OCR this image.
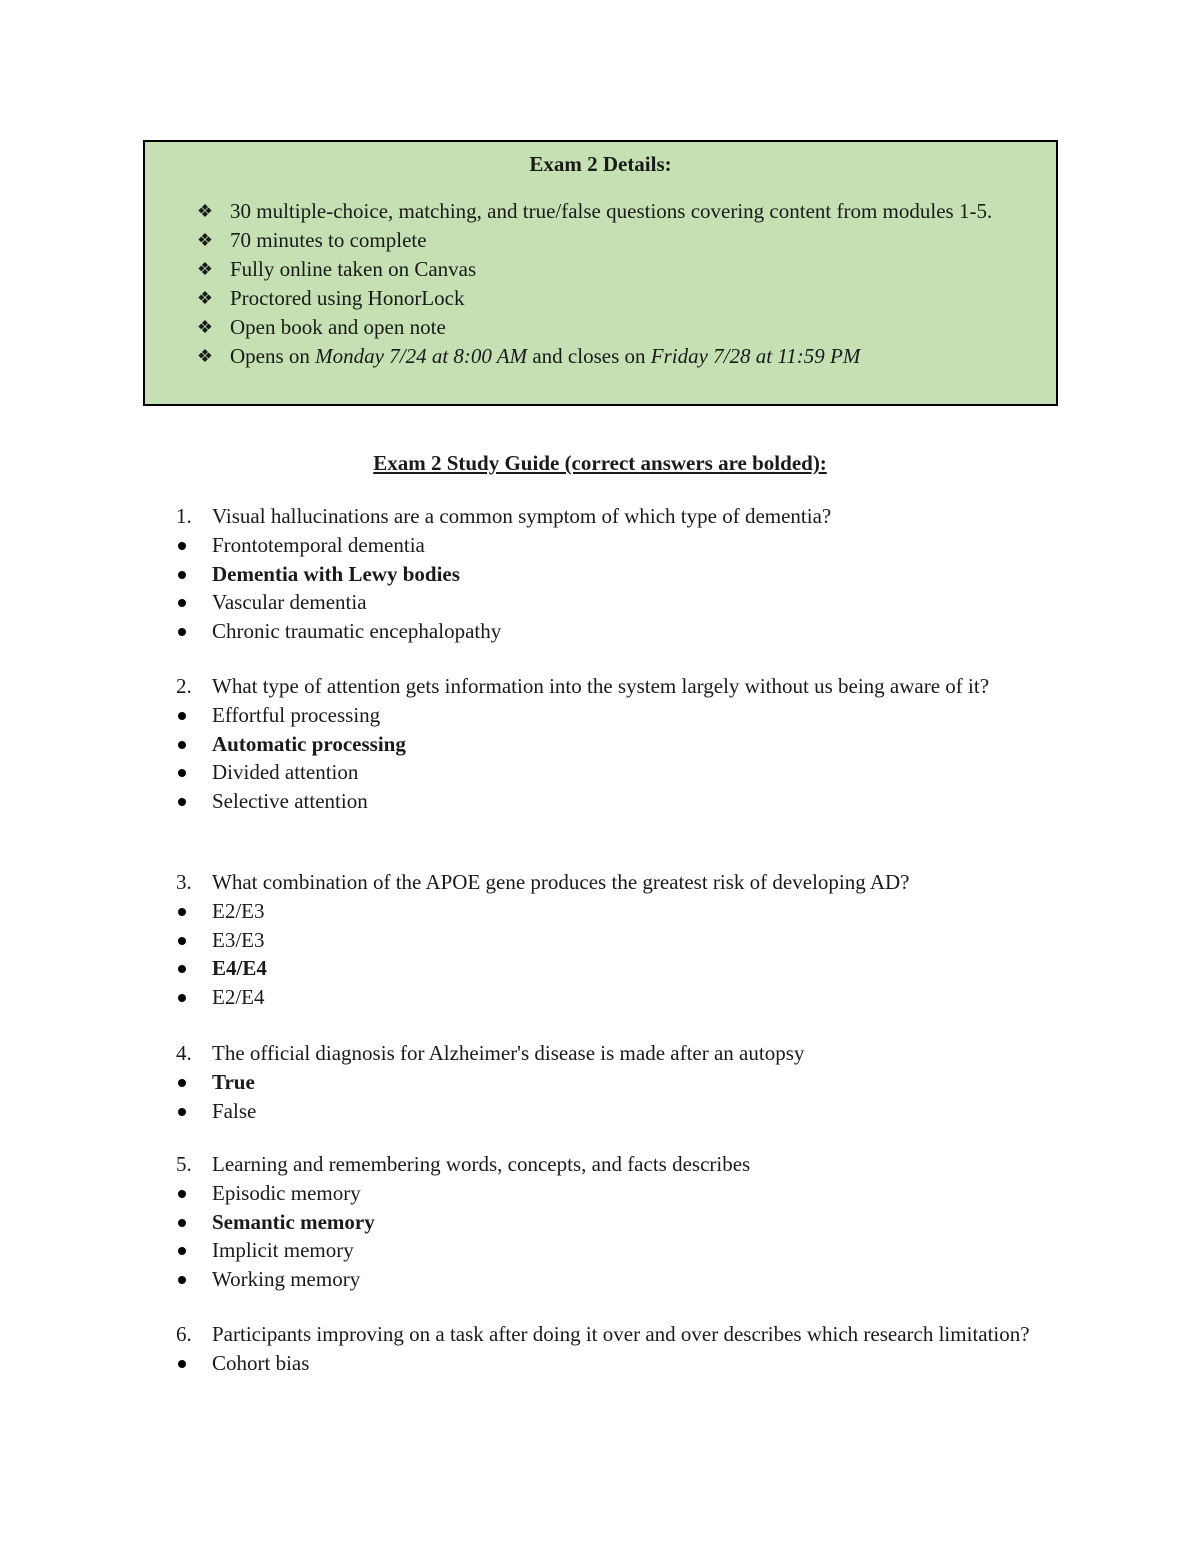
Exam 2 Details:
❖ 30 multiple-choice, matching, and true/false questions covering content from modules 1-5.
❖ 70 minutes to complete
❖ Fully online taken on Canvas
❖ Proctored using HonorLock
❖ Open book and open note
❖ Opens on Monday 7/24 at 8:00 AM and closes on Friday 7/28 at 11:59 PM
Exam 2 Study Guide (correct answers are bolded):
1. Visual hallucinations are a common symptom of which type of dementia?
Frontotemporal dementia
Dementia with Lewy bodies
Vascular dementia
Chronic traumatic encephalopathy
2. What type of attention gets information into the system largely without us being aware of it?
Effortful processing
Automatic processing
Divided attention
Selective attention
3. What combination of the APOE gene produces the greatest risk of developing AD?
E2/E3
E3/E3
E4/E4
E2/E4
4. The official diagnosis for Alzheimer's disease is made after an autopsy
True
False
5. Learning and remembering words, concepts, and facts describes
Episodic memory
Semantic memory
Implicit memory
Working memory
6. Participants improving on a task after doing it over and over describes which research limitation?
Cohort bias
